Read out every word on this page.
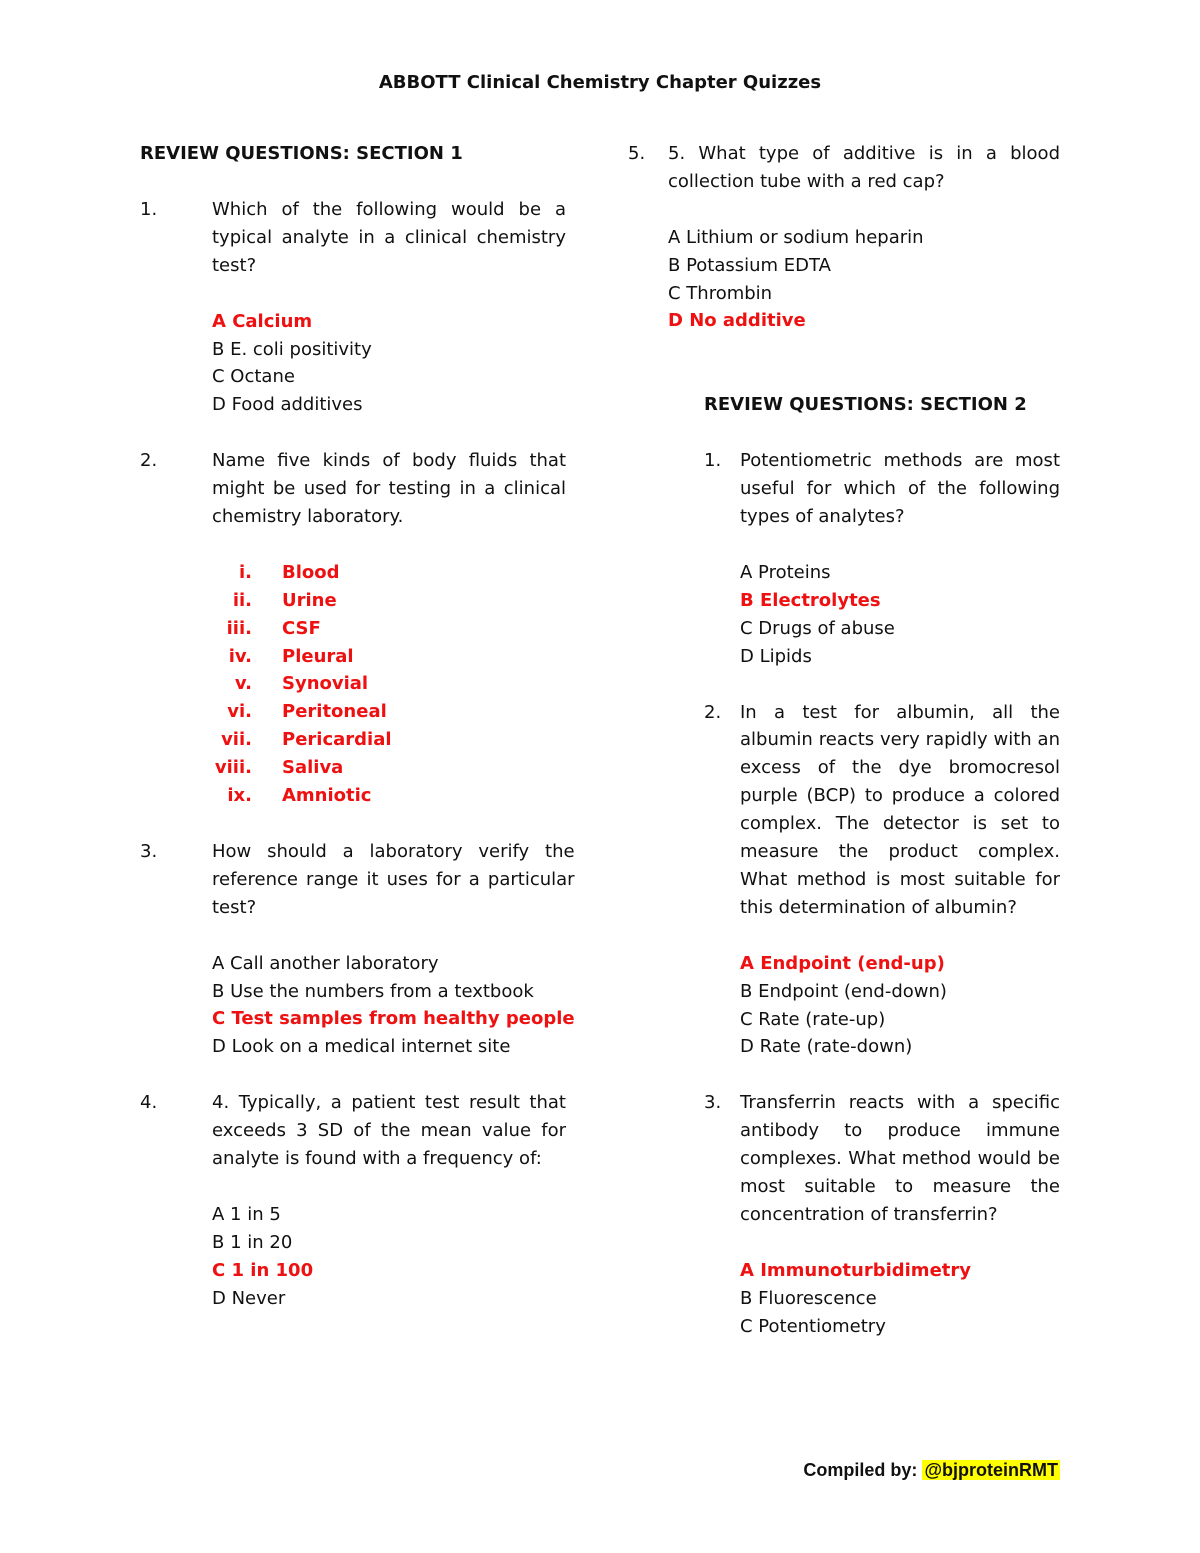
ABBOTT Clinical Chemistry Chapter Quizzes
REVIEW QUESTIONS: SECTION 1
1.	Which of the following would be a typical analyte in a clinical chemistry test?
A Calcium
B E. coli positivity
C Octane
D Food additives
2.	Name five kinds of body fluids that might be used for testing in a clinical chemistry laboratory.
i. Blood
ii. Urine
iii. CSF
iv. Pleural
v. Synovial
vi. Peritoneal
vii. Pericardial
viii. Saliva
ix. Amniotic
3.	How should a laboratory verify the reference range it uses for a particular test?
A Call another laboratory
B Use the numbers from a textbook
C Test samples from healthy people
D Look on a medical internet site
4.	4. Typically, a patient test result that exceeds 3 SD of the mean value for analyte is found with a frequency of:
A 1 in 5
B 1 in 20
C 1 in 100
D Never
5.	5. What type of additive is in a blood collection tube with a red cap?
A Lithium or sodium heparin
B Potassium EDTA
C Thrombin
D No additive
REVIEW QUESTIONS: SECTION 2
1.	Potentiometric methods are most useful for which of the following types of analytes?
A Proteins
B Electrolytes
C Drugs of abuse
D Lipids
2.	In a test for albumin, all the albumin reacts very rapidly with an excess of the dye bromocresol purple (BCP) to produce a colored complex. The detector is set to measure the product complex. What method is most suitable for this determination of albumin?
A Endpoint (end-up)
B Endpoint (end-down)
C Rate (rate-up)
D Rate (rate-down)
3.	Transferrin reacts with a specific antibody to produce immune complexes. What method would be most suitable to measure the concentration of transferrin?
A Immunoturbidimetry
B Fluorescence
C Potentiometry
Compiled by: @bjproteinRMT
